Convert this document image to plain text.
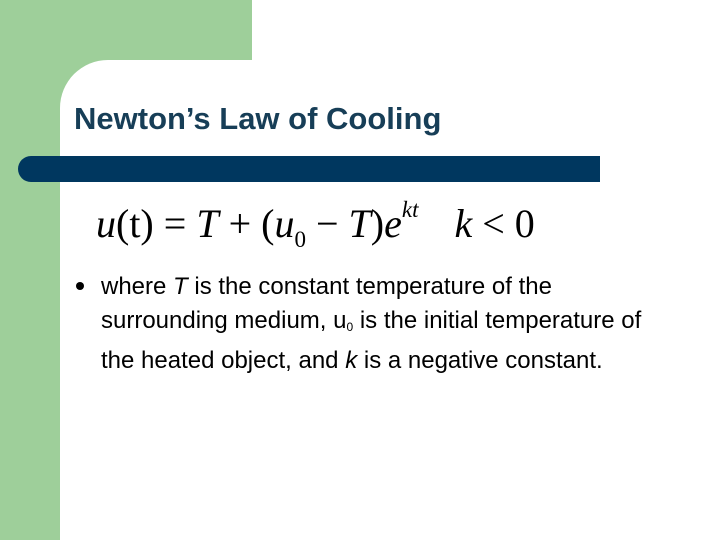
Newton’s Law of Cooling
$u(t) = T + (u_0 - T)e^{kt}$ k < 0

where T is the constant temperature of the surrounding medium, u0 is the initial temperature of the heated object, and k is a negative constant.
